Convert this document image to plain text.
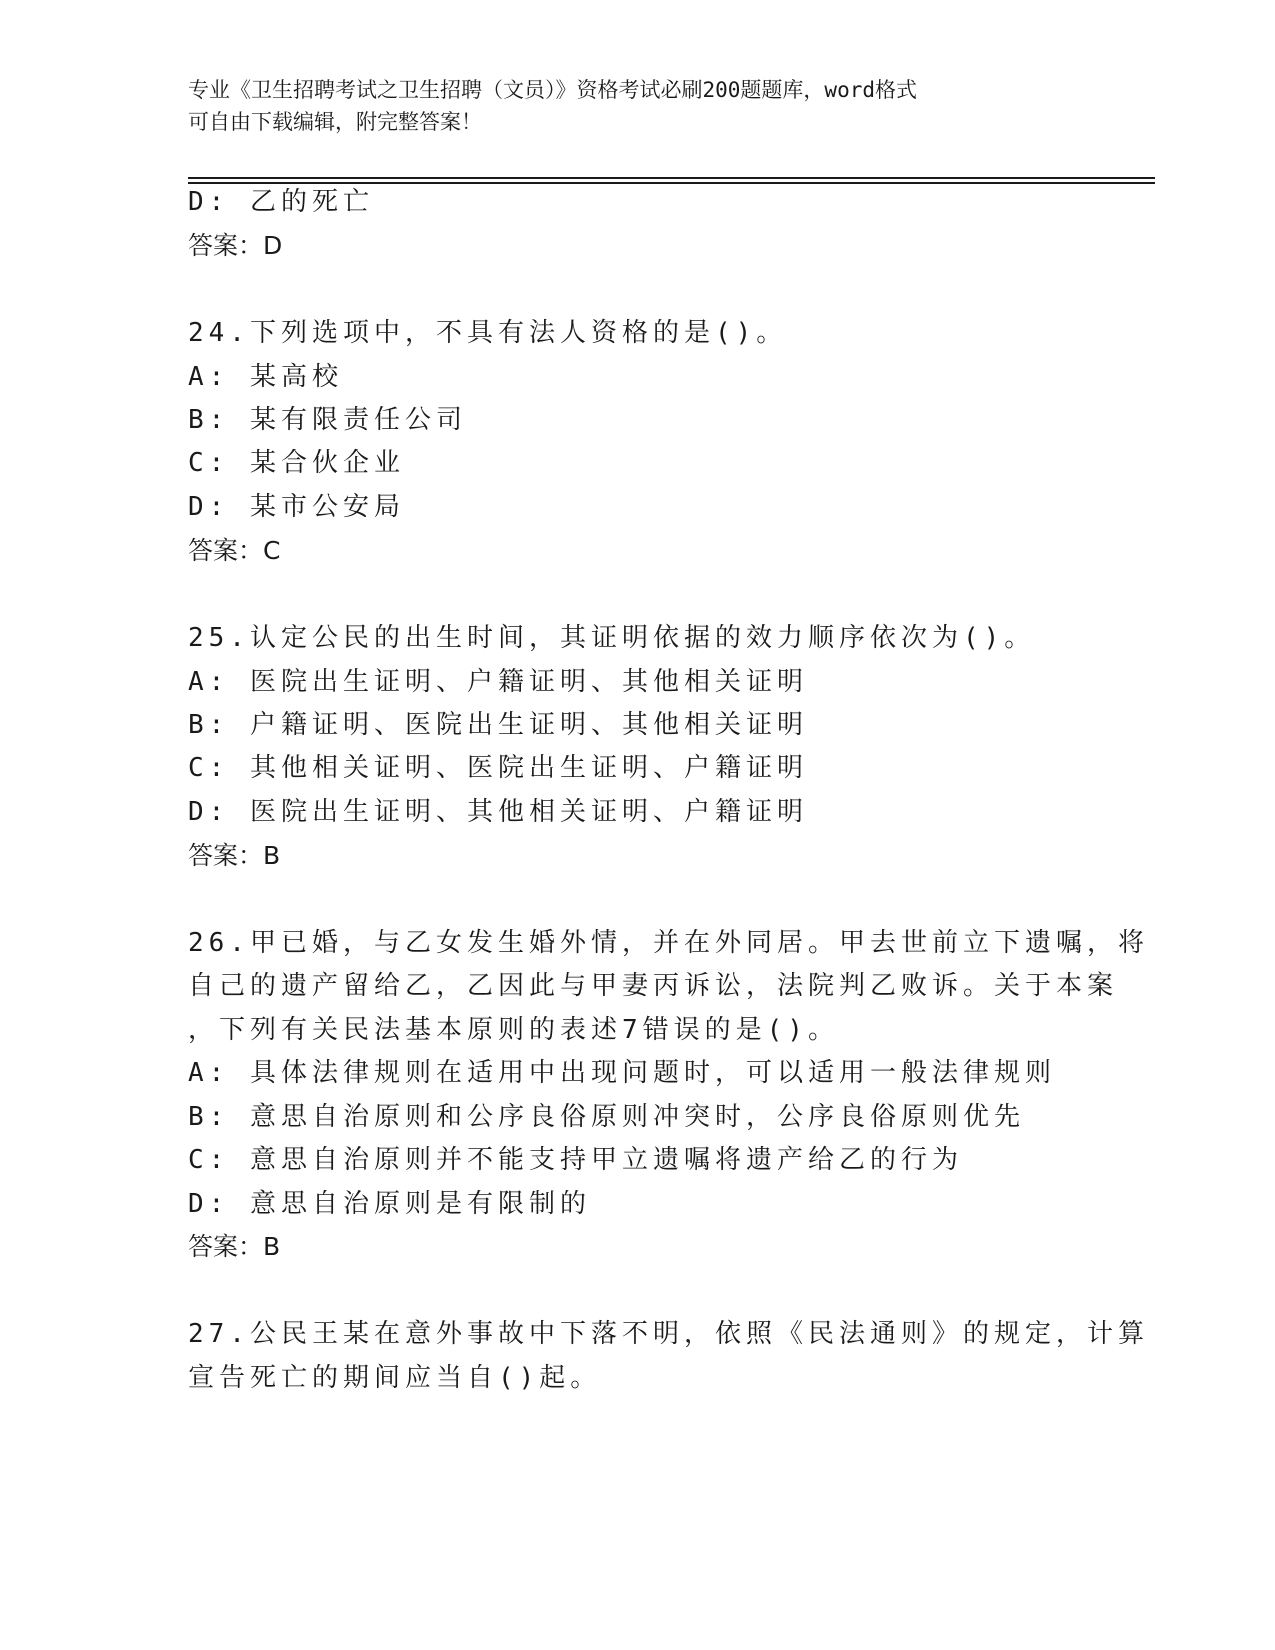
专业《卫生招聘考试之卫生招聘（文员）》资格考试必刷200题题库，word格式
可自由下载编辑，附完整答案！
D: 乙的死亡
答案：D
24.下列选项中，不具有法人资格的是()。
A: 某高校
B: 某有限责任公司
C: 某合伙企业
D: 某市公安局
答案：C
25.认定公民的出生时间，其证明依据的效力顺序依次为()。
A: 医院出生证明、户籍证明、其他相关证明
B: 户籍证明、医院出生证明、其他相关证明
C: 其他相关证明、医院出生证明、户籍证明
D: 医院出生证明、其他相关证明、户籍证明
答案：B
26.甲已婚，与乙女发生婚外情，并在外同居。甲去世前立下遗嘱，将
自己的遗产留给乙，乙因此与甲妻丙诉讼，法院判乙败诉。关于本案
，下列有关民法基本原则的表述7错误的是()。
A: 具体法律规则在适用中出现问题时，可以适用一般法律规则
B: 意思自治原则和公序良俗原则冲突时，公序良俗原则优先
C: 意思自治原则并不能支持甲立遗嘱将遗产给乙的行为
D: 意思自治原则是有限制的
答案：B
27.公民王某在意外事故中下落不明，依照《民法通则》的规定，计算
宣告死亡的期间应当自()起。
